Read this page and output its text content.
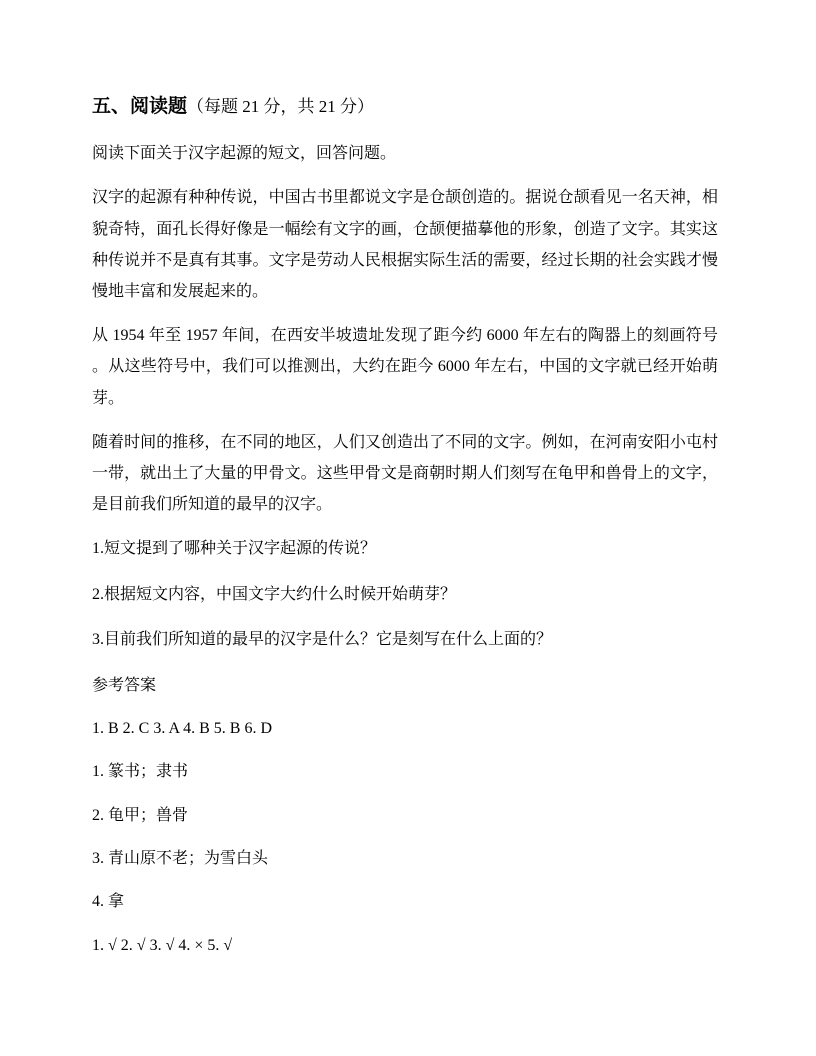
五、阅读题（每题 21 分，共 21 分）
阅读下面关于汉字起源的短文，回答问题。
汉字的起源有种种传说，中国古书里都说文字是仓颉创造的。据说仓颉看见一名天神，相
貌奇特，面孔长得好像是一幅绘有文字的画，仓颉便描摹他的形象，创造了文字。其实这
种传说并不是真有其事。文字是劳动人民根据实际生活的需要，经过长期的社会实践才慢
慢地丰富和发展起来的。
从 1954 年至 1957 年间，在西安半坡遗址发现了距今约 6000 年左右的陶器上的刻画符号
。从这些符号中，我们可以推测出，大约在距今 6000 年左右，中国的文字就已经开始萌
芽。
随着时间的推移，在不同的地区，人们又创造出了不同的文字。例如，在河南安阳小屯村
一带，就出土了大量的甲骨文。这些甲骨文是商朝时期人们刻写在龟甲和兽骨上的文字，
是目前我们所知道的最早的汉字。
1.短文提到了哪种关于汉字起源的传说？
2.根据短文内容，中国文字大约什么时候开始萌芽？
3.目前我们所知道的最早的汉字是什么？它是刻写在什么上面的？
参考答案
1. B 2. C 3. A 4. B 5. B 6. D
1. 篆书；隶书
2. 龟甲；兽骨
3. 青山原不老；为雪白头
4. 拿
1. √ 2. √ 3. √ 4. × 5. √
